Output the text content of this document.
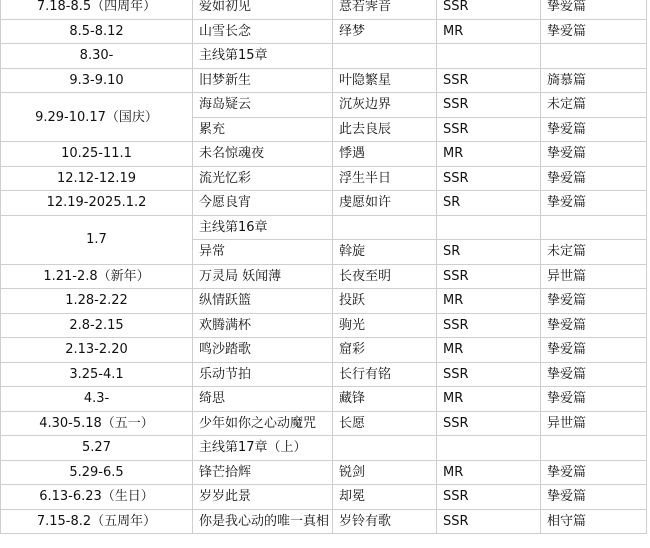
7.18-8.5（四周年）	爱如初见	意若霁音	SSR	挚爱篇
8.5-8.12	山雪长念	绎梦	MR	挚爱篇
8.30-	主线第15章			
9.3-9.10	旧梦新生	叶隐繁星	SSR	旖慕篇
9.29-10.17（国庆）	海岛疑云	沉灰边界	SSR	未定篇
	累充	此去良辰	SSR	挚爱篇
10.25-11.1	未名惊魂夜	悸遇	MR	挚爱篇
12.12-12.19	流光忆彩	浮生半日	SSR	挚爱篇
12.19-2025.1.2	今愿良宵	虔愿如许	SR	挚爱篇
1.7	主线第16章			
	异常	斡旋	SR	未定篇
1.21-2.8（新年）	万灵局 妖闻薄	长夜至明	SSR	异世篇
1.28-2.22	纵情跃篮	投跃	MR	挚爱篇
2.8-2.15	欢腾满杯	驹光	SSR	挚爱篇
2.13-2.20	鸣沙踏歌	窟彩	MR	挚爱篇
3.25-4.1	乐动节拍	长行有铭	SSR	挚爱篇
4.3-	绮思	藏锋	MR	挚爱篇
4.30-5.18（五一）	少年如你之心动魔咒	长愿	SSR	异世篇
5.27	主线第17章（上）			
5.29-6.5	锋芒拾辉	锐剑	MR	挚爱篇
6.13-6.23（生日）	岁岁此景	却冕	SSR	挚爱篇
7.15-8.2（五周年）	你是我心动的唯一真相	岁铃有歌	SSR	相守篇
